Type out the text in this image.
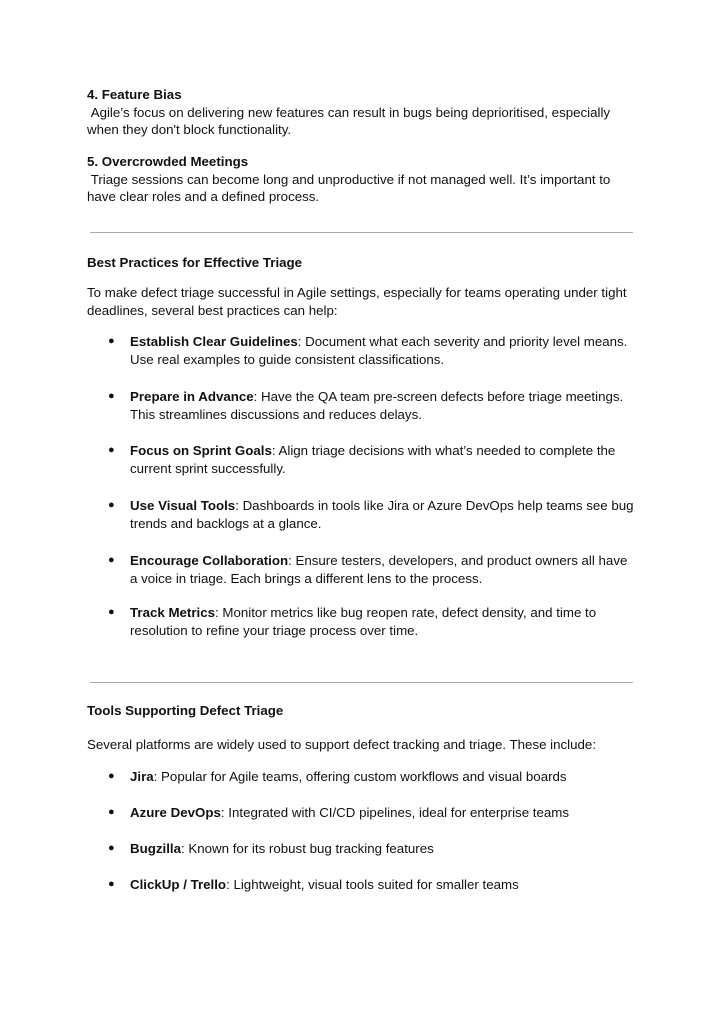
4. Feature Bias
Agile’s focus on delivering new features can result in bugs being deprioritised, especially when they don't block functionality.
5. Overcrowded Meetings
Triage sessions can become long and unproductive if not managed well. It’s important to have clear roles and a defined process.
Best Practices for Effective Triage
To make defect triage successful in Agile settings, especially for teams operating under tight deadlines, several best practices can help:
● Establish Clear Guidelines: Document what each severity and priority level means. Use real examples to guide consistent classifications.
● Prepare in Advance: Have the QA team pre-screen defects before triage meetings. This streamlines discussions and reduces delays.
● Focus on Sprint Goals: Align triage decisions with what’s needed to complete the current sprint successfully.
● Use Visual Tools: Dashboards in tools like Jira or Azure DevOps help teams see bug trends and backlogs at a glance.
● Encourage Collaboration: Ensure testers, developers, and product owners all have a voice in triage. Each brings a different lens to the process.
● Track Metrics: Monitor metrics like bug reopen rate, defect density, and time to resolution to refine your triage process over time.
Tools Supporting Defect Triage
Several platforms are widely used to support defect tracking and triage. These include:
● Jira: Popular for Agile teams, offering custom workflows and visual boards
● Azure DevOps: Integrated with CI/CD pipelines, ideal for enterprise teams
● Bugzilla: Known for its robust bug tracking features
● ClickUp / Trello: Lightweight, visual tools suited for smaller teams
